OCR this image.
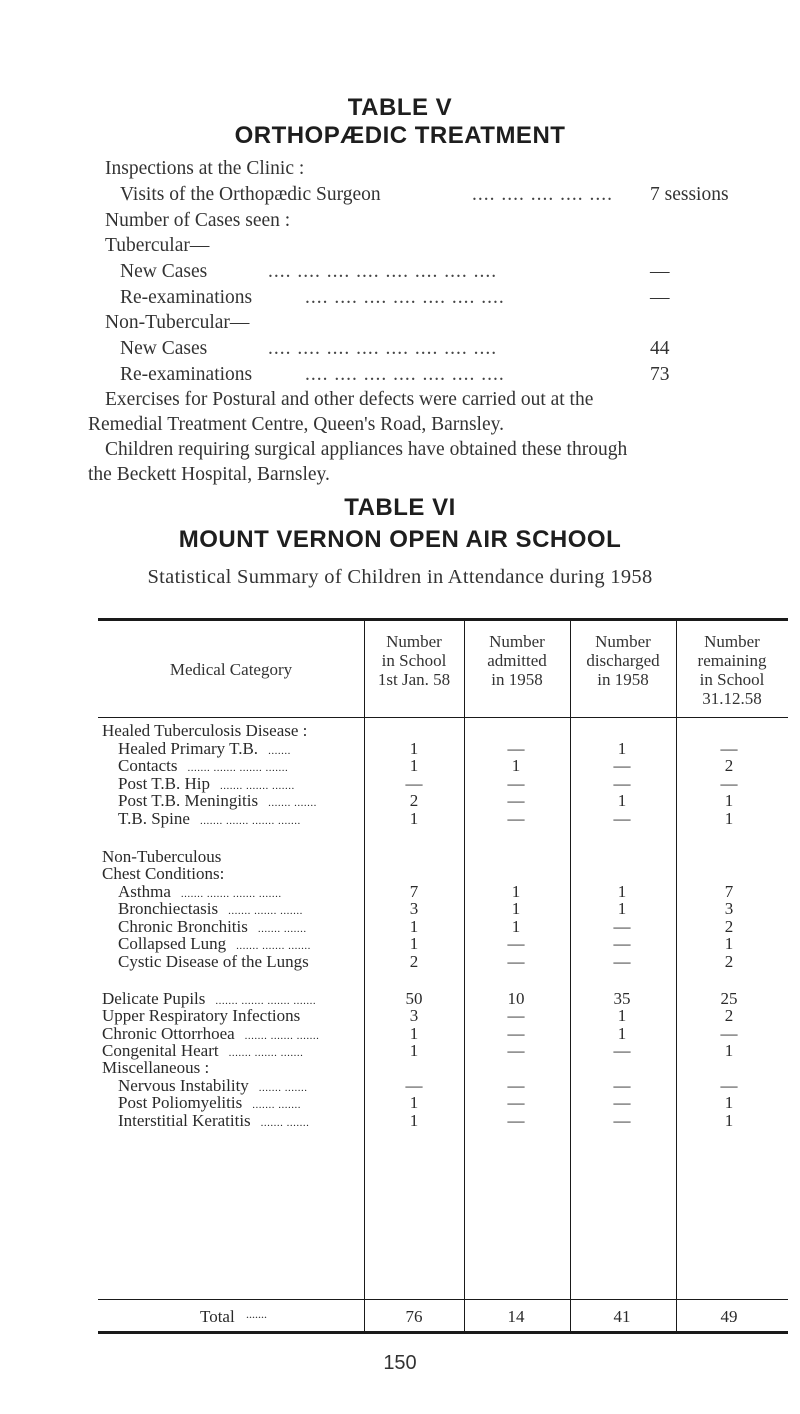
TABLE V
ORTHOPÆDIC TREATMENT
Inspections at the Clinic :
Visits of the Orthopædic Surgeon	.... .... .... .... ....	7 sessions
Number of Cases seen :
Tubercular—
New Cases	.... .... .... .... .... .... .... ....	—
Re-examinations	.... .... .... .... .... .... ....	—
Non-Tubercular—
New Cases	.... .... .... .... .... .... .... ....	44
Re-examinations	.... .... .... .... .... .... ....	73
Exercises for Postural and other defects were carried out at the
Remedial Treatment Centre, Queen's Road, Barnsley.
Children requiring surgical appliances have obtained these through
the Beckett Hospital, Barnsley.
TABLE VI
MOUNT VERNON OPEN AIR SCHOOL
Statistical Summary of Children in Attendance during 1958
Medical Category
Number
in School
1st Jan. 58
Number
admitted
in 1958
Number
discharged
in 1958
Number
remaining
in School
31.12.58
Healed Tuberculosis Disease :
Healed Primary T.B. .......	1	—	1	—
Contacts ....... ....... ....... .......	1	1	—	2
Post T.B. Hip ....... ....... .......	—	—	—	—
Post T.B. Meningitis ....... .......	2	—	1	1
T.B. Spine ....... ....... ....... .......	1	—	—	1
Non-Tuberculous
Chest Conditions:
Asthma ....... ....... ....... .......	7	1	1	7
Bronchiectasis ....... ....... .......	3	1	1	3
Chronic Bronchitis ....... .......	1	1	—	2
Collapsed Lung ....... ....... .......	1	—	—	1
Cystic Disease of the Lungs	2	—	—	2
Delicate Pupils ....... ....... ....... .......	50	10	35	25
Upper Respiratory Infections	3	—	1	2
Chronic Ottorrhoea ....... ....... .......	1	—	1	—
Congenital Heart ....... ....... .......	1	—	—	1
Miscellaneous :
Nervous Instability ....... .......	—	—	—	—
Post Poliomyelitis ....... .......	1	—	—	1
Interstitial Keratitis ....... .......	1	—	—	1
Total .......	76	14	41	49
150
